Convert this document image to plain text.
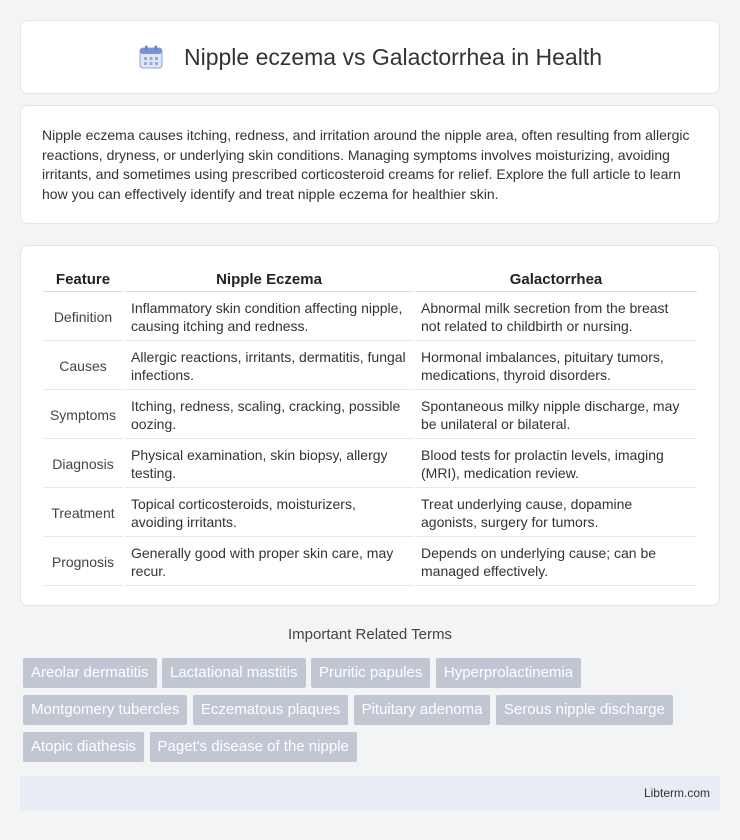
Nipple eczema vs Galactorrhea in Health

Nipple eczema causes itching, redness, and irritation around the nipple area, often resulting from allergic reactions, dryness, or underlying skin conditions. Managing symptoms involves moisturizing, avoiding irritants, and sometimes using prescribed corticosteroid creams for relief. Explore the full article to learn how you can effectively identify and treat nipple eczema for healthier skin.

Feature	Nipple Eczema	Galactorrhea
Definition	Inflammatory skin condition affecting nipple, causing itching and redness.	Abnormal milk secretion from the breast not related to childbirth or nursing.
Causes	Allergic reactions, irritants, dermatitis, fungal infections.	Hormonal imbalances, pituitary tumors, medications, thyroid disorders.
Symptoms	Itching, redness, scaling, cracking, possible oozing.	Spontaneous milky nipple discharge, may be unilateral or bilateral.
Diagnosis	Physical examination, skin biopsy, allergy testing.	Blood tests for prolactin levels, imaging (MRI), medication review.
Treatment	Topical corticosteroids, moisturizers, avoiding irritants.	Treat underlying cause, dopamine agonists, surgery for tumors.
Prognosis	Generally good with proper skin care, may recur.	Depends on underlying cause; can be managed effectively.
Important Related Terms
Areolar dermatitis Lactational mastitis Pruritic papules Hyperprolactinemia Montgomery tubercles Eczematous plaques Pituitary adenoma Serous nipple discharge Atopic diathesis Paget's disease of the nipple
Libterm.com
